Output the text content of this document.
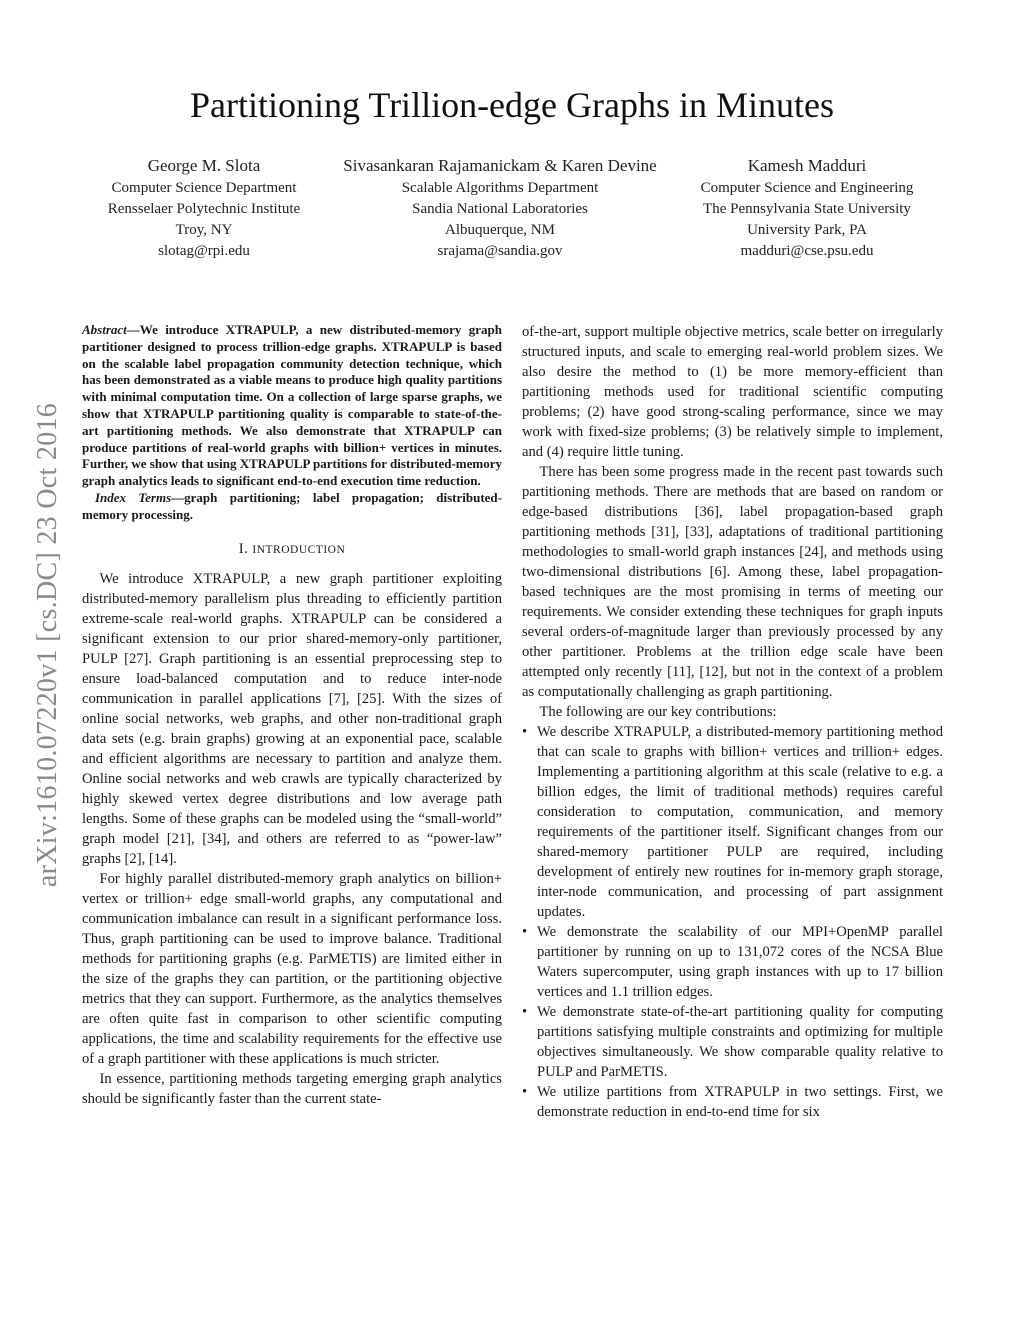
arXiv:1610.07220v1 [cs.DC] 23 Oct 2016
Partitioning Trillion-edge Graphs in Minutes
George M. Slota
Computer Science Department
Rensselaer Polytechnic Institute
Troy, NY
slotag@rpi.edu
Sivasankaran Rajamanickam & Karen Devine
Scalable Algorithms Department
Sandia National Laboratories
Albuquerque, NM
srajama@sandia.gov
Kamesh Madduri
Computer Science and Engineering
The Pennsylvania State University
University Park, PA
madduri@cse.psu.edu

Abstract—We introduce XTRAPULP, a new distributed-memory graph partitioner designed to process trillion-edge graphs. XTRAPULP is based on the scalable label propagation community detection technique, which has been demonstrated as a viable means to produce high quality partitions with minimal computation time. On a collection of large sparse graphs, we show that XTRAPULP partitioning quality is comparable to state-of-the-art partitioning methods. We also demonstrate that XTRAPULP can produce partitions of real-world graphs with billion+ vertices in minutes. Further, we show that using XTRAPULP partitions for distributed-memory graph analytics leads to significant end-to-end execution time reduction.

Index Terms—graph partitioning; label propagation; distributed-memory processing.

I. INTRODUCTION

We introduce XTRAPULP, a new graph partitioner exploiting distributed-memory parallelism plus threading to efficiently partition extreme-scale real-world graphs. XTRAPULP can be considered a significant extension to our prior shared-memory-only partitioner, PULP [27]. Graph partitioning is an essential preprocessing step to ensure load-balanced computation and to reduce inter-node communication in parallel applications [7], [25]. With the sizes of online social networks, web graphs, and other non-traditional graph data sets (e.g. brain graphs) growing at an exponential pace, scalable and efficient algorithms are necessary to partition and analyze them. Online social networks and web crawls are typically characterized by highly skewed vertex degree distributions and low average path lengths. Some of these graphs can be modeled using the “small-world” graph model [21], [34], and others are referred to as “power-law” graphs [2], [14].

For highly parallel distributed-memory graph analytics on billion+ vertex or trillion+ edge small-world graphs, any computational and communication imbalance can result in a significant performance loss. Thus, graph partitioning can be used to improve balance. Traditional methods for partitioning graphs (e.g. ParMETIS) are limited either in the size of the graphs they can partition, or the partitioning objective metrics that they can support. Furthermore, as the analytics themselves are often quite fast in comparison to other scientific computing applications, the time and scalability requirements for the effective use of a graph partitioner with these applications is much stricter.

In essence, partitioning methods targeting emerging graph analytics should be significantly faster than the current state-

of-the-art, support multiple objective metrics, scale better on irregularly structured inputs, and scale to emerging real-world problem sizes. We also desire the method to (1) be more memory-efficient than partitioning methods used for traditional scientific computing problems; (2) have good strong-scaling performance, since we may work with fixed-size problems; (3) be relatively simple to implement, and (4) require little tuning.

There has been some progress made in the recent past towards such partitioning methods. There are methods that are based on random or edge-based distributions [36], label propagation-based graph partitioning methods [31], [33], adaptations of traditional partitioning methodologies to small-world graph instances [24], and methods using two-dimensional distributions [6]. Among these, label propagation-based techniques are the most promising in terms of meeting our requirements. We consider extending these techniques for graph inputs several orders-of-magnitude larger than previously processed by any other partitioner. Problems at the trillion edge scale have been attempted only recently [11], [12], but not in the context of a problem as computationally challenging as graph partitioning.

The following are our key contributions:

• We describe XTRAPULP, a distributed-memory partitioning method that can scale to graphs with billion+ vertices and trillion+ edges. Implementing a partitioning algorithm at this scale (relative to e.g. a billion edges, the limit of traditional methods) requires careful consideration to computation, communication, and memory requirements of the partitioner itself. Significant changes from our shared-memory partitioner PULP are required, including development of entirely new routines for in-memory graph storage, inter-node communication, and processing of part assignment updates.
• We demonstrate the scalability of our MPI+OpenMP parallel partitioner by running on up to 131,072 cores of the NCSA Blue Waters supercomputer, using graph instances with up to 17 billion vertices and 1.1 trillion edges.
• We demonstrate state-of-the-art partitioning quality for computing partitions satisfying multiple constraints and optimizing for multiple objectives simultaneously. We show comparable quality relative to PULP and ParMETIS.
• We utilize partitions from XTRAPULP in two settings. First, we demonstrate reduction in end-to-end time for six
